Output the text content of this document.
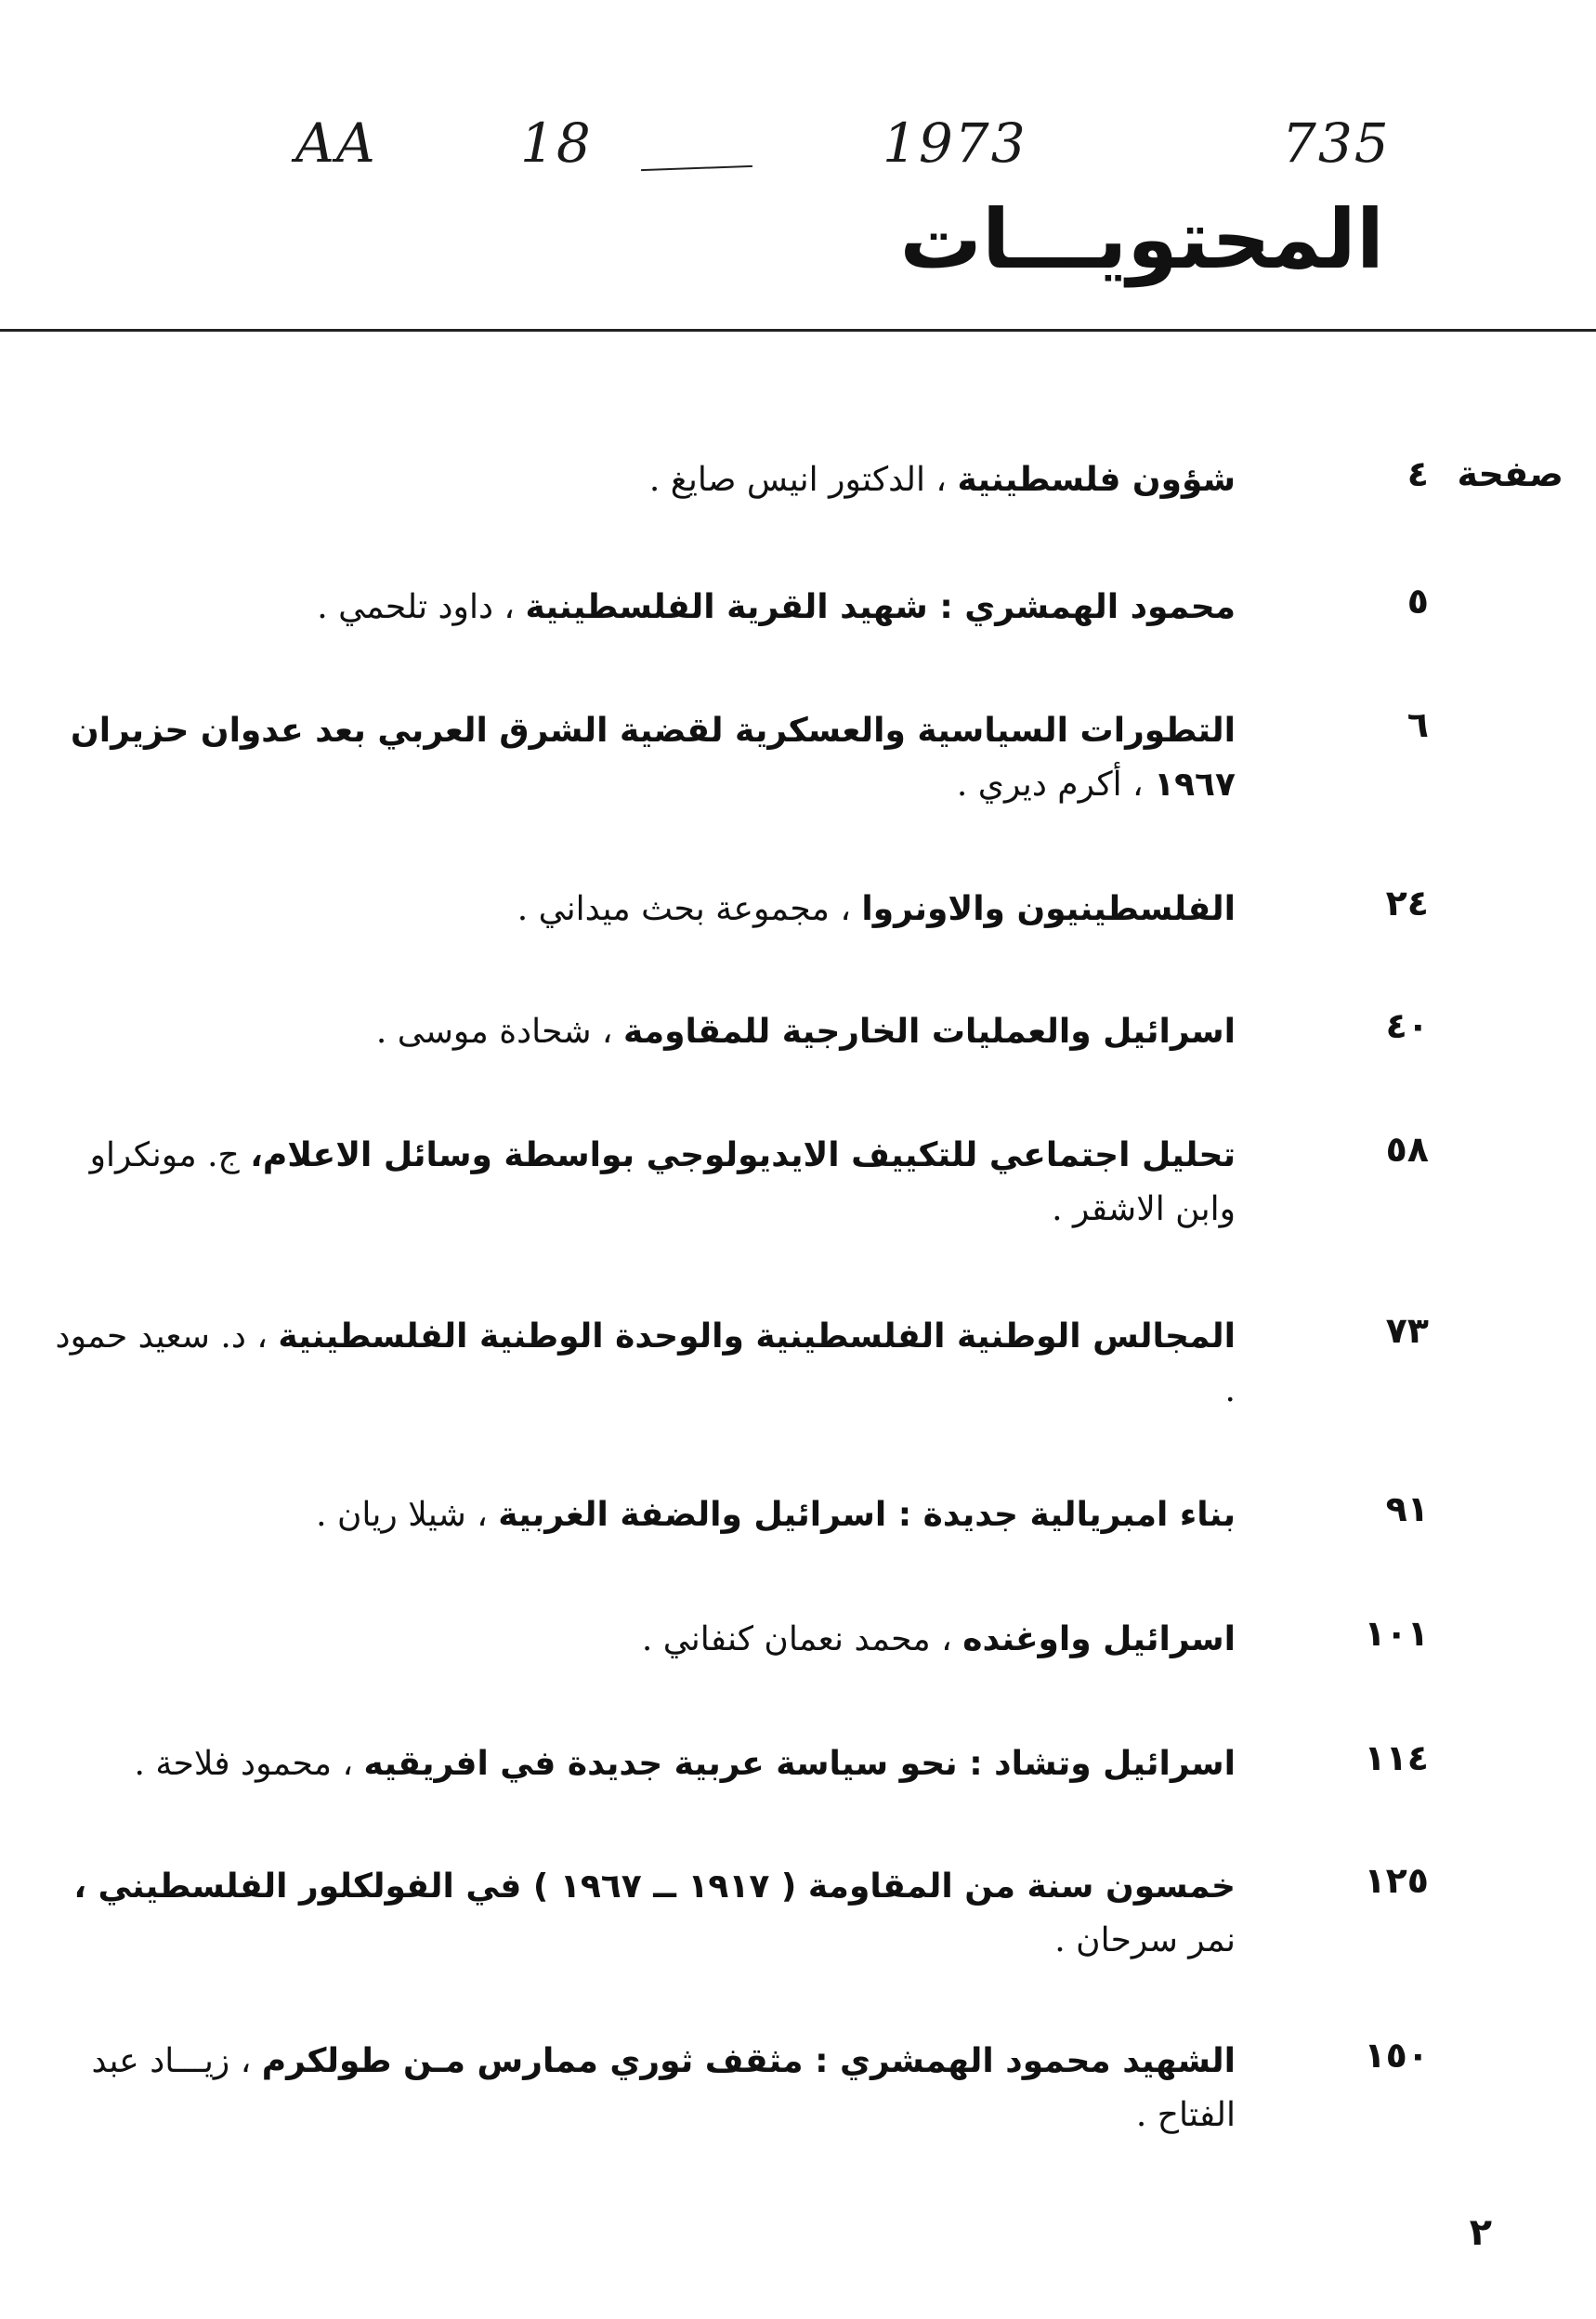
AA	18	1973	735
المحتويـــات
صفحة
٤
شؤون فلسطينية ، الدكتور انيس صايغ .
٥
محمود الهمشري : شهيد القرية الفلسطينية ، داود تلحمي .
٦
التطورات السياسية والعسكرية لقضية الشرق العربي بعد عدوان حزيران ١٩٦٧ ، أكرم ديري .
٢٤
الفلسطينيون والاونروا ، مجموعة بحث ميداني .
٤٠
اسرائيل والعمليات الخارجية للمقاومة ، شحادة موسى .
٥٨
تحليل اجتماعي للتكييف الايديولوجي بواسطة وسائل الاعلام، ج. مونكراو وابن الاشقر .
٧٣
المجالس الوطنية الفلسطينية والوحدة الوطنية الفلسطينية ، د. سعيد حمود .
٩١
بناء امبريالية جديدة : اسرائيل والضفة الغربية ، شيلا ريان .
١٠١
اسرائيل واوغنده ، محمد نعمان كنفاني .
١١٤
اسرائيل وتشاد : نحو سياسة عربية جديدة في افريقيه ، محمود فلاحة .
١٢٥
خمسون سنة من المقاومة ( ١٩١٧ ــ ١٩٦٧ ) في الفولكلور الفلسطيني ، نمر سرحان .
١٥٠
الشهيد محمود الهمشري : مثقف ثوري ممارس مـن طولكرم ، زيـــاد عبد الفتاح .
٢
